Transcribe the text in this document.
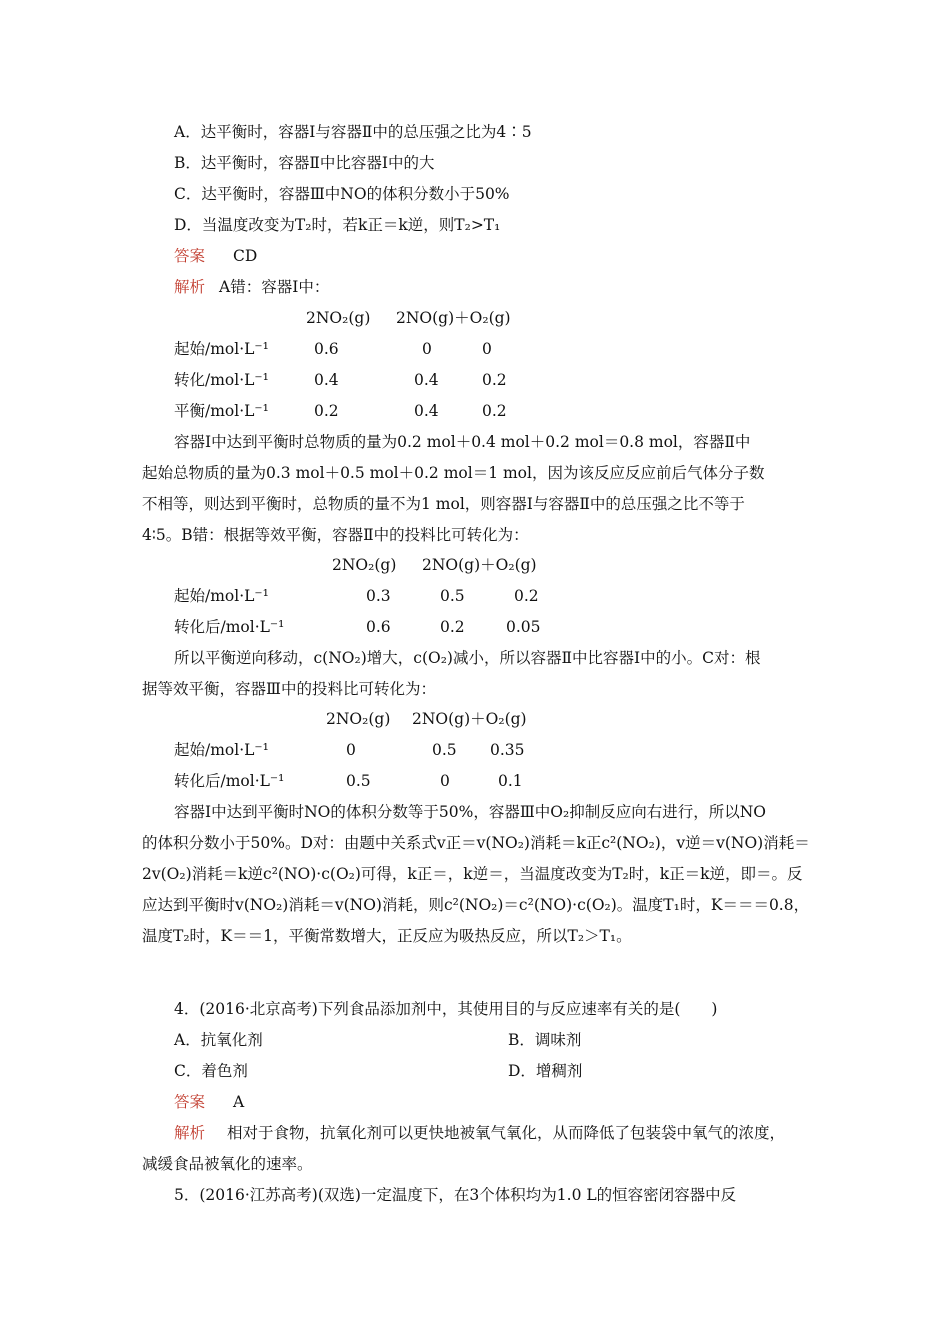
A．达平衡时，容器Ⅰ与容器Ⅱ中的总压强之比为4∶5
B．达平衡时，容器Ⅱ中比容器Ⅰ中的大
C．达平衡时，容器Ⅲ中NO的体积分数小于50%
D．当温度改变为T₂时，若k正＝k逆，则T₂>T₁
答案 CD
解析 A错：容器Ⅰ中：
2NO₂(g) 2NO(g)＋O₂(g)
起始/mol·L⁻¹	0.6	0	0
转化/mol·L⁻¹	0.4	0.4	0.2
平衡/mol·L⁻¹	0.2	0.4	0.2
容器Ⅰ中达到平衡时总物质的量为0.2 mol＋0.4 mol＋0.2 mol＝0.8 mol，容器Ⅱ中
起始总物质的量为0.3 mol＋0.5 mol＋0.2 mol＝1 mol，因为该反应反应前后气体分子数
不相等，则达到平衡时，总物质的量不为1 mol，则容器Ⅰ与容器Ⅱ中的总压强之比不等于
4∶5。B错：根据等效平衡，容器Ⅱ中的投料比可转化为：
2NO₂(g) 2NO(g)＋O₂(g)
起始/mol·L⁻¹	0.3	0.5	0.2
转化后/mol·L⁻¹	0.6	0.2	0.05
所以平衡逆向移动，c(NO₂)增大，c(O₂)减小，所以容器Ⅱ中比容器Ⅰ中的小。C对：根
据等效平衡，容器Ⅲ中的投料比可转化为：
2NO₂(g) 2NO(g)＋O₂(g)
起始/mol·L⁻¹	0	0.5 0.35
转化后/mol·L⁻¹	0.5	0	0.1
容器Ⅰ中达到平衡时NO的体积分数等于50%，容器Ⅲ中O₂抑制反应向右进行，所以NO
的体积分数小于50%。D对：由题中关系式v正＝v(NO₂)消耗＝k正c²(NO₂)，v逆＝v(NO)消耗＝
2v(O₂)消耗＝k逆c²(NO)·c(O₂)可得，k正＝，k逆＝，当温度改变为T₂时，k正＝k逆，即＝。反
应达到平衡时v(NO₂)消耗＝v(NO)消耗，则c²(NO₂)＝c²(NO)·c(O₂)。温度T₁时，K＝＝＝0.8，
温度T₂时，K＝＝1，平衡常数增大，正反应为吸热反应，所以T₂＞T₁。
4．(2016·北京高考)下列食品添加剂中，其使用目的与反应速率有关的是(　　)
A．抗氧化剂	B．调味剂
C．着色剂	D．增稠剂
答案 A
解析 相对于食物，抗氧化剂可以更快地被氧气氧化，从而降低了包装袋中氧气的浓度，
减缓食品被氧化的速率。
5．(2016·江苏高考)(双选)一定温度下，在3个体积均为1.0 L的恒容密闭容器中反
